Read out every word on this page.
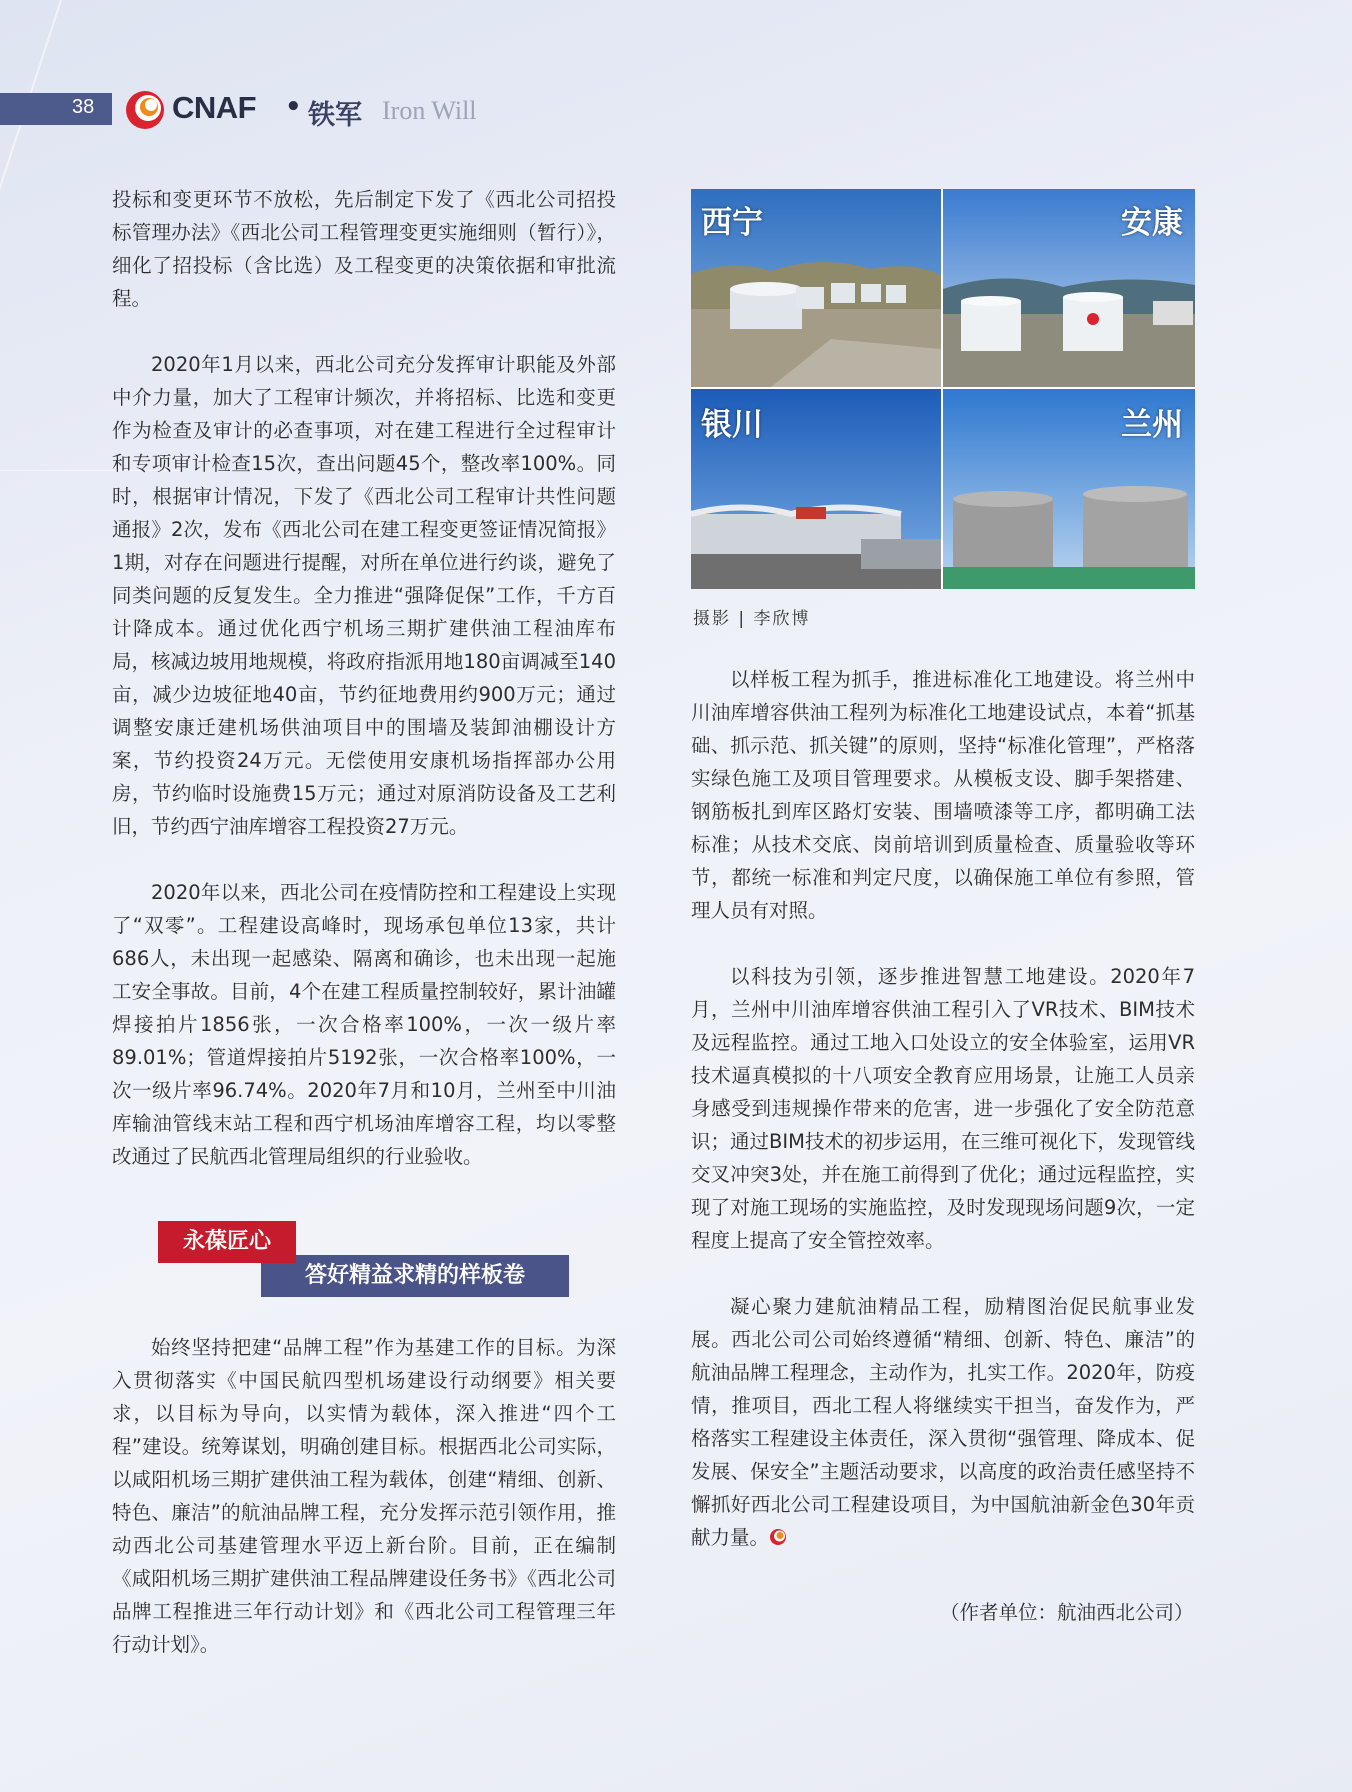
38	CNAF • 铁军 Iron Will

投标和变更环节不放松，先后制定下发了《西北公司招投标管理办法》《西北公司工程管理变更实施细则（暂行）》，细化了招投标（含比选）及工程变更的决策依据和审批流程。

2020年1月以来，西北公司充分发挥审计职能及外部中介力量，加大了工程审计频次，并将招标、比选和变更作为检查及审计的必查事项，对在建工程进行全过程审计和专项审计检查15次，查出问题45个，整改率100%。同时，根据审计情况，下发了《西北公司工程审计共性问题通报》2次，发布《西北公司在建工程变更签证情况简报》1期，对存在问题进行提醒，对所在单位进行约谈，避免了同类问题的反复发生。全力推进“强降促保”工作，千方百计降成本。通过优化西宁机场三期扩建供油工程油库布局，核减边坡用地规模，将政府指派用地180亩调减至140亩，减少边坡征地40亩，节约征地费用约900万元；通过调整安康迁建机场供油项目中的围墙及装卸油棚设计方案，节约投资24万元。无偿使用安康机场指挥部办公用房，节约临时设施费15万元；通过对原消防设备及工艺利旧，节约西宁油库增容工程投资27万元。

2020年以来，西北公司在疫情防控和工程建设上实现了“双零”。工程建设高峰时，现场承包单位13家，共计686人，未出现一起感染、隔离和确诊，也未出现一起施工安全事故。目前，4个在建工程质量控制较好，累计油罐焊接拍片1856张，一次合格率100%，一次一级片率89.01%；管道焊接拍片5192张，一次合格率100%，一次一级片率96.74%。2020年7月和10月，兰州至中川油库输油管线末站工程和西宁机场油库增容工程，均以零整改通过了民航西北管理局组织的行业验收。

答好精益求精的样板卷
永葆匠心

始终坚持把建“品牌工程”作为基建工作的目标。为深入贯彻落实《中国民航四型机场建设行动纲要》相关要求，以目标为导向，以实情为载体，深入推进“四个工程”建设。统筹谋划，明确创建目标。根据西北公司实际，以咸阳机场三期扩建供油工程为载体，创建“精细、创新、特色、廉洁”的航油品牌工程，充分发挥示范引领作用，推动西北公司基建管理水平迈上新台阶。目前，正在编制《咸阳机场三期扩建供油工程品牌建设任务书》《西北公司品牌工程推进三年行动计划》和《西北公司工程管理三年行动计划》。

西宁	安康
银川	兰州
摄影 | 李欣博

以样板工程为抓手，推进标准化工地建设。将兰州中川油库增容供油工程列为标准化工地建设试点，本着“抓基础、抓示范、抓关键”的原则，坚持“标准化管理”，严格落实绿色施工及项目管理要求。从模板支设、脚手架搭建、钢筋板扎到库区路灯安装、围墙喷漆等工序，都明确工法标准；从技术交底、岗前培训到质量检查、质量验收等环节，都统一标准和判定尺度，以确保施工单位有参照，管理人员有对照。

以科技为引领，逐步推进智慧工地建设。2020年7月，兰州中川油库增容供油工程引入了VR技术、BIM技术及远程监控。通过工地入口处设立的安全体验室，运用VR技术逼真模拟的十八项安全教育应用场景，让施工人员亲身感受到违规操作带来的危害，进一步强化了安全防范意识；通过BIM技术的初步运用，在三维可视化下，发现管线交叉冲突3处，并在施工前得到了优化；通过远程监控，实现了对施工现场的实施监控，及时发现现场问题9次，一定程度上提高了安全管控效率。

凝心聚力建航油精品工程，励精图治促民航事业发展。西北公司公司始终遵循“精细、创新、特色、廉洁”的航油品牌工程理念，主动作为，扎实工作。2020年，防疫情，推项目，西北工程人将继续实干担当，奋发作为，严格落实工程建设主体责任，深入贯彻“强管理、降成本、促发展、保安全”主题活动要求，以高度的政治责任感坚持不懈抓好西北公司工程建设项目，为中国航油新金色30年贡献力量。

（作者单位：航油西北公司）
